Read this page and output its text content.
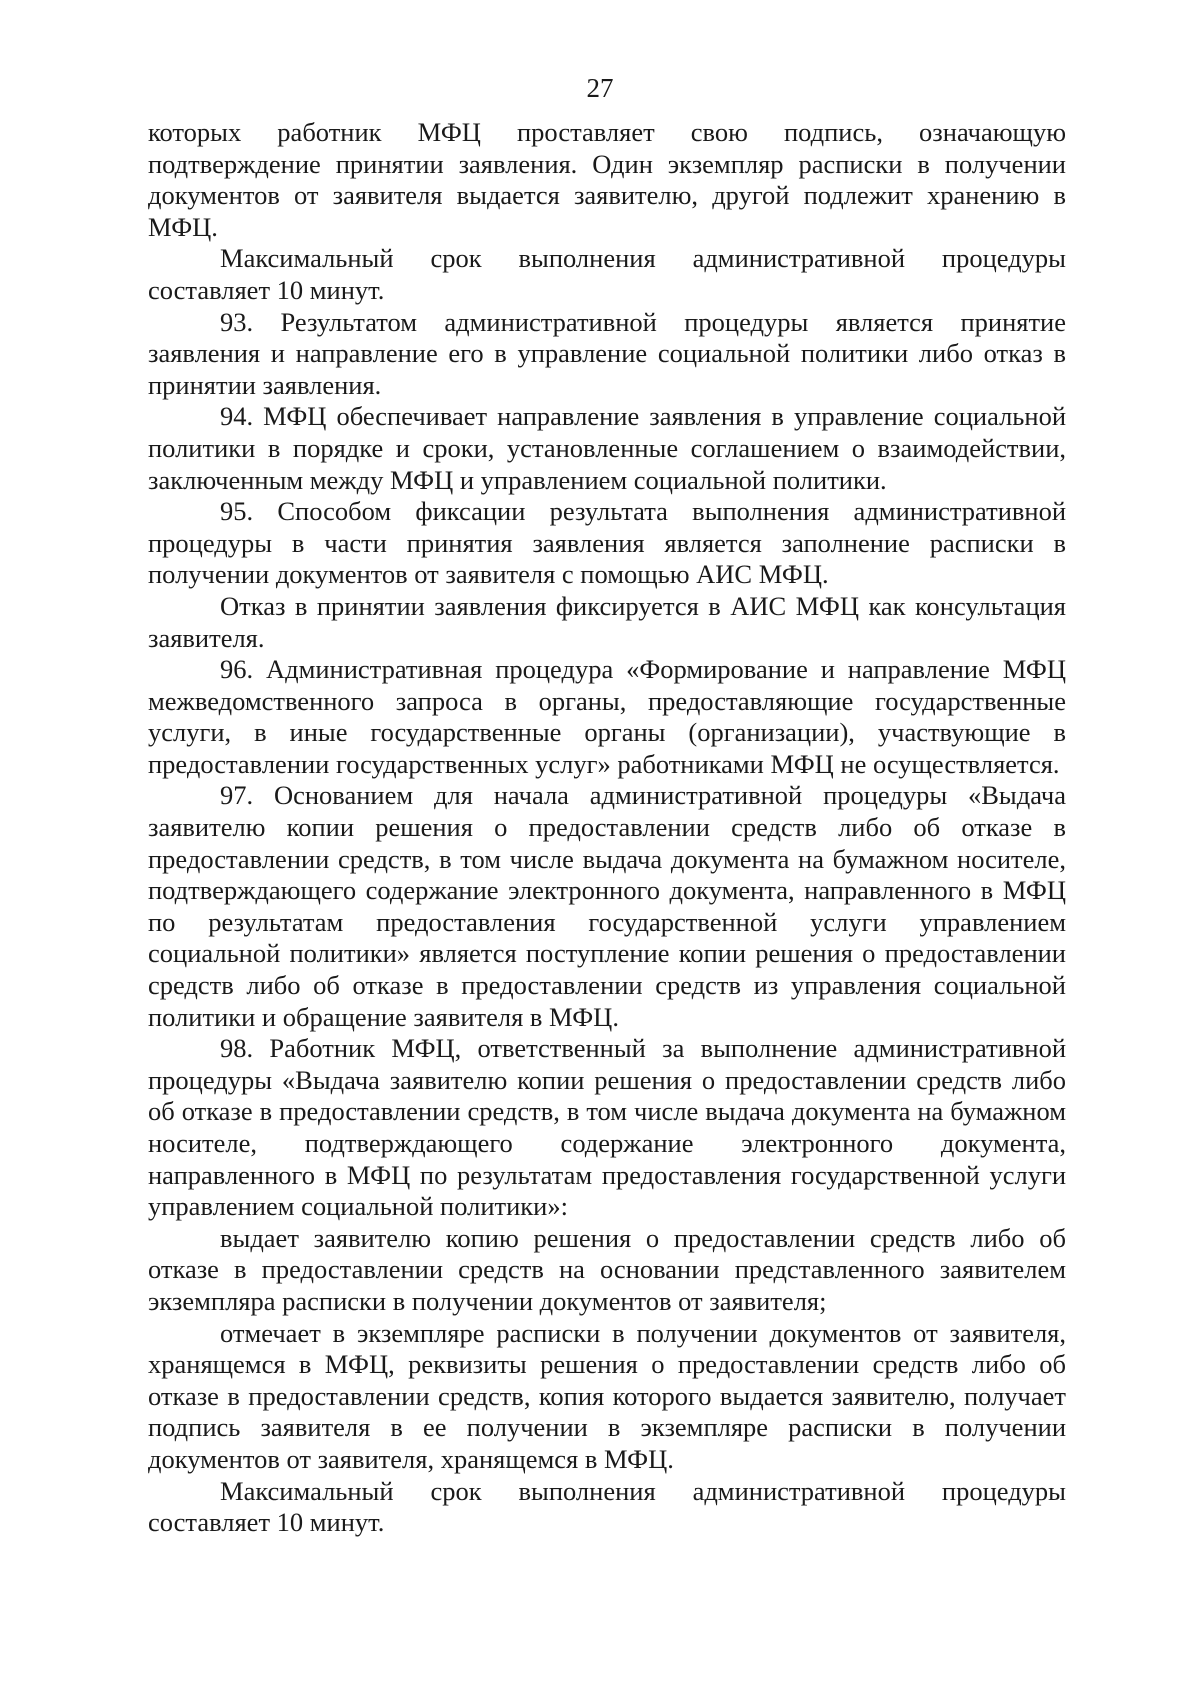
27

которых работник МФЦ проставляет свою подпись, означающую подтверждение принятии заявления. Один экземпляр расписки в получении документов от заявителя выдается заявителю, другой подлежит хранению в МФЦ.

Максимальный срок выполнения административной процедуры составляет 10 минут.

93. Результатом административной процедуры является принятие заявления и направление его в управление социальной политики либо отказ в принятии заявления.

94. МФЦ обеспечивает направление заявления в управление социальной политики в порядке и сроки, установленные соглашением о взаимодействии, заключенным между МФЦ и управлением социальной политики.

95. Способом фиксации результата выполнения административной процедуры в части принятия заявления является заполнение расписки в получении документов от заявителя с помощью АИС МФЦ.

Отказ в принятии заявления фиксируется в АИС МФЦ как консультация заявителя.

96. Административная процедура «Формирование и направление МФЦ межведомственного запроса в органы, предоставляющие государственные услуги, в иные государственные органы (организации), участвующие в предоставлении государственных услуг» работниками МФЦ не осуществляется.

97. Основанием для начала административной процедуры «Выдача заявителю копии решения о предоставлении средств либо об отказе в предоставлении средств, в том числе выдача документа на бумажном носителе, подтверждающего содержание электронного документа, направленного в МФЦ по результатам предоставления государственной услуги управлением социальной политики» является поступление копии решения о предоставлении средств либо об отказе в предоставлении средств из управления социальной политики и обращение заявителя в МФЦ.

98. Работник МФЦ, ответственный за выполнение административной процедуры «Выдача заявителю копии решения о предоставлении средств либо об отказе в предоставлении средств, в том числе выдача документа на бумажном носителе, подтверждающего содержание электронного документа, направленного в МФЦ по результатам предоставления государственной услуги управлением социальной политики»:

выдает заявителю копию решения о предоставлении средств либо об отказе в предоставлении средств на основании представленного заявителем экземпляра расписки в получении документов от заявителя;

отмечает в экземпляре расписки в получении документов от заявителя, хранящемся в МФЦ, реквизиты решения о предоставлении средств либо об отказе в предоставлении средств, копия которого выдается заявителю, получает подпись заявителя в ее получении в экземпляре расписки в получении документов от заявителя, хранящемся в МФЦ.

Максимальный срок выполнения административной процедуры составляет 10 минут.
